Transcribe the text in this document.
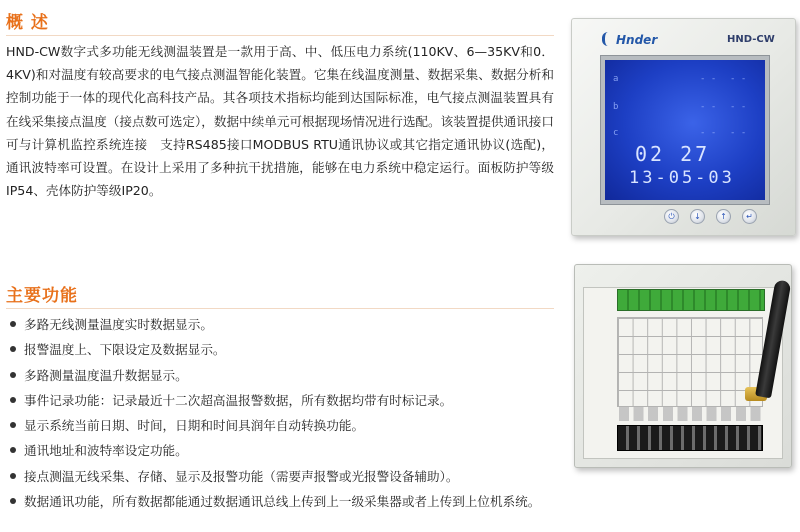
概 述

HND-CW数字式多功能无线测温装置是一款用于高、中、低压电力系统(110KV、6—35KV和0．4KV)和对温度有较高要求的电气接点测温智能化装置。它集在线温度测量、数据采集、数据分析和控制功能于一体的现代化高科技产品。其各项技术指标均能到达国际标准，电气接点测温装置具有在线采集接点温度（接点数可选定），数据中续单元可根据现场情况进行选配。该装置提供通讯接口可与计算机监控系统连接　支持RS485接口MODBUS RTU通讯协议或其它指定通讯协议(选配)，通讯波特率可设置。在设计上采用了多种抗干扰措施，能够在电力系统中稳定运行。面板防护等级IP54、壳体防护等级IP20。

主要功能
多路无线测量温度实时数据显示。
报警温度上、下限设定及数据显示。
多路测量温度温升数据显示。
事件记录功能：记录最近十二次超高温报警数据，所有数据均带有时标记录。
显示系统当前日期、时间，日期和时间具润年自动转换功能。
通讯地址和波特率设定功能。
接点测温无线采集、存储、显示及报警功能（需要声报警或光报警设备辅助）。
数据通讯功能，所有数据都能通过数据通讯总线上传到上一级采集器或者上传到上位机系统。
Hnder	HND-CW
a
b
c
- - - -
- - - -
- - - -
02 27
13-05-03
⏻	↓	↑	↵
